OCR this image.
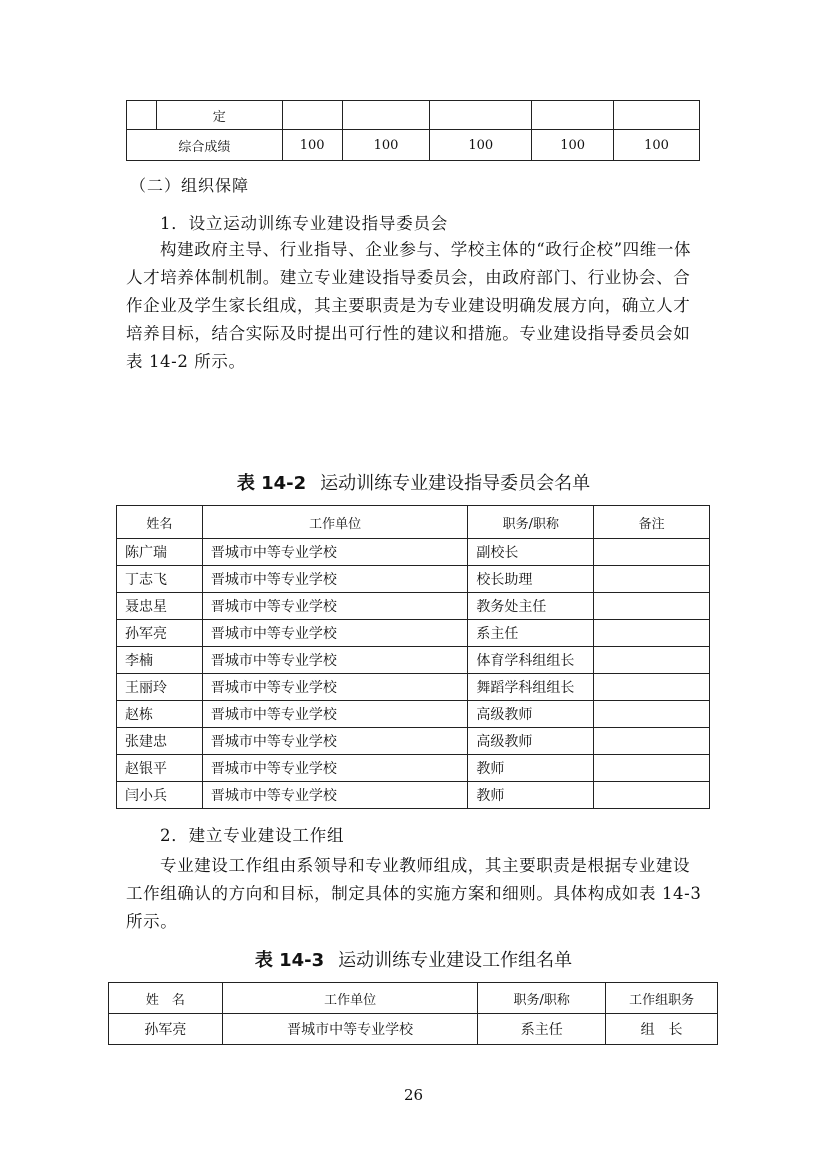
	定					
综合成绩		100	100	100	100	100

（二）组织保障

1．设立运动训练专业建设指导委员会

构建政府主导、行业指导、企业参与、学校主体的“政行企校”四维一体人才培养体制机制。建立专业建设指导委员会，由政府部门、行业协会、合作企业及学生家长组成，其主要职责是为专业建设明确发展方向，确立人才培养目标，结合实际及时提出可行性的建议和措施。专业建设指导委员会如表 14-2 所示。

表 14-2 运动训练专业建设指导委员会名单

姓名	工作单位	职务/职称	备注
陈广瑞	晋城市中等专业学校	副校长	
丁志飞	晋城市中等专业学校	校长助理	
聂忠星	晋城市中等专业学校	教务处主任	
孙军亮	晋城市中等专业学校	系主任	
李楠	晋城市中等专业学校	体育学科组组长	
王丽玲	晋城市中等专业学校	舞蹈学科组组长	
赵栋	晋城市中等专业学校	高级教师	
张建忠	晋城市中等专业学校	高级教师	
赵银平	晋城市中等专业学校	教师	
闫小兵	晋城市中等专业学校	教师	

2．建立专业建设工作组

专业建设工作组由系领导和专业教师组成，其主要职责是根据专业建设工作组确认的方向和目标，制定具体的实施方案和细则。具体构成如表 14-3 所示。

表 14-3 运动训练专业建设工作组名单

姓　名	工作单位	职务/职称	工作组职务
孙军亮	晋城市中等专业学校	系主任	组　长

26
